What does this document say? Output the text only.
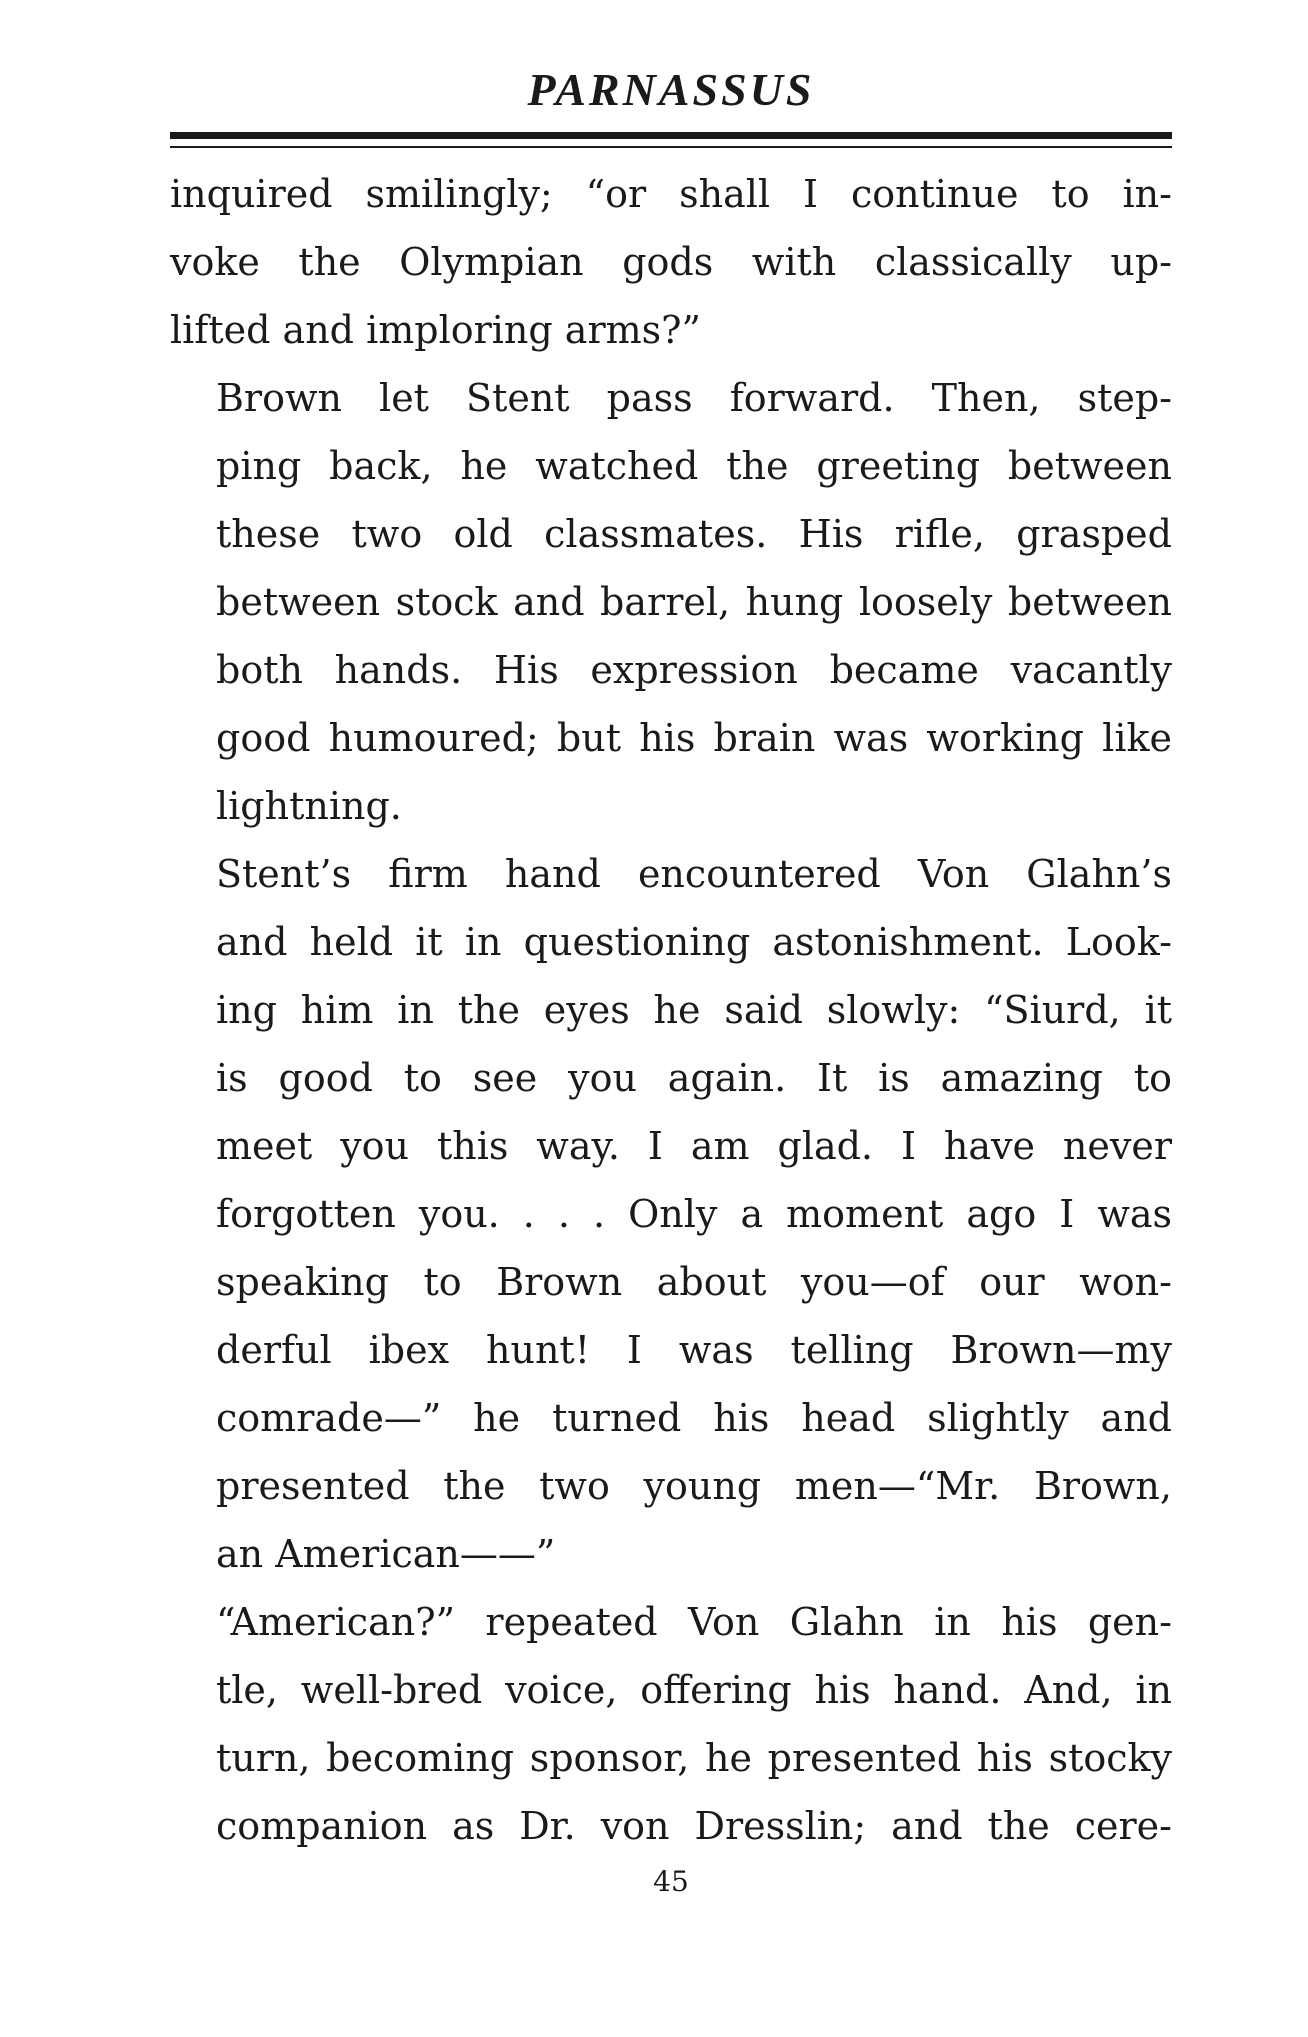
PARNASSUS

inquired smilingly; “or shall I continue to in-
voke the Olympian gods with classically up-
lifted and imploring arms?”

Brown let Stent pass forward. Then, step-
ping back, he watched the greeting between
these two old classmates. His rifle, grasped
between stock and barrel, hung loosely between
both hands. His expression became vacantly
good humoured; but his brain was working like
lightning.

Stent’s firm hand encountered Von Glahn’s
and held it in questioning astonishment. Look-
ing him in the eyes he said slowly: “Siurd, it
is good to see you again. It is amazing to
meet you this way. I am glad. I have never
forgotten you. . . . Only a moment ago I was
speaking to Brown about you—of our won-
derful ibex hunt! I was telling Brown—my
comrade—” he turned his head slightly and
presented the two young men—“Mr. Brown,
an American——”

“American?” repeated Von Glahn in his gen-
tle, well-bred voice, offering his hand. And, in
turn, becoming sponsor, he presented his stocky
companion as Dr. von Dresslin; and the cere-

45
